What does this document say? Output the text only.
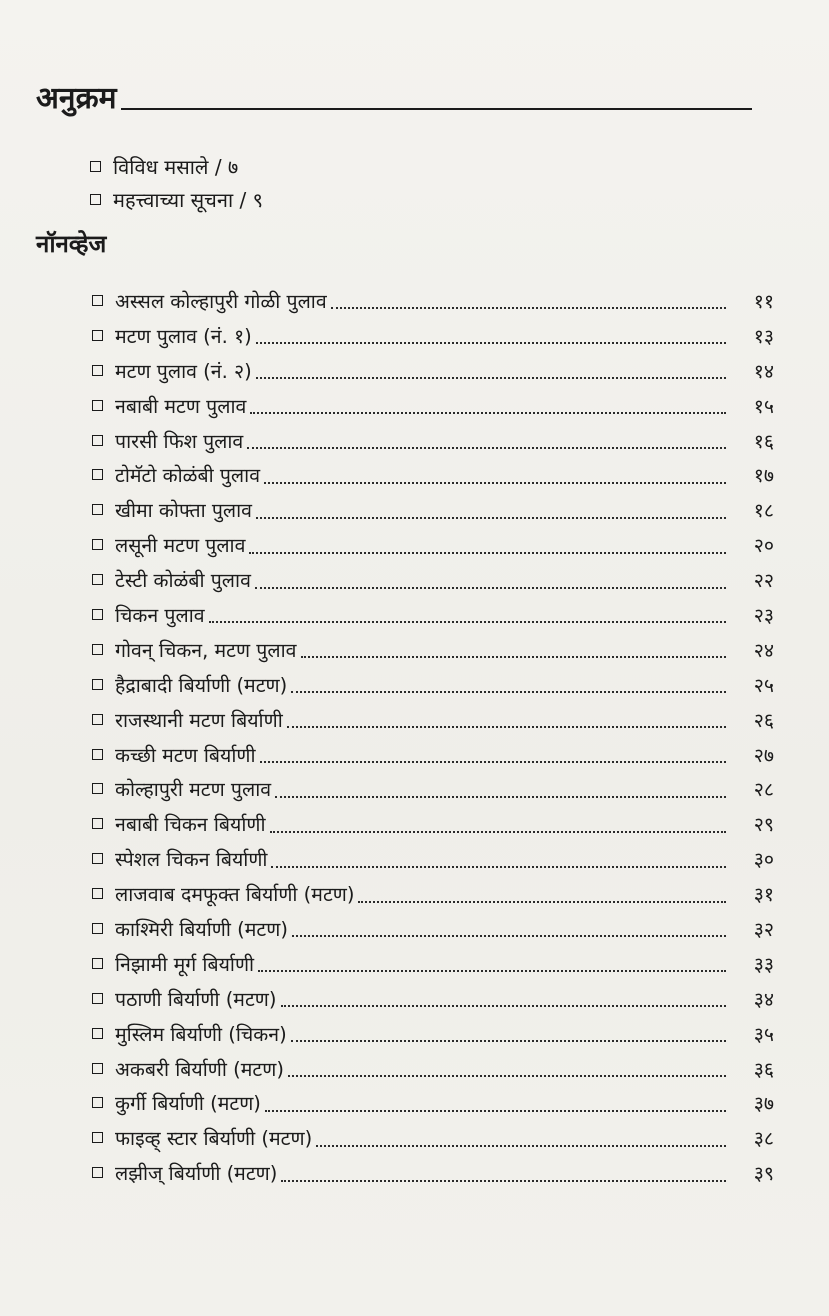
अनुक्रम
विविध मसाले / ७
महत्त्वाच्या सूचना / ९
नॉनव्हेज
अस्सल कोल्हापुरी गोळी पुलाव	११
मटण पुलाव (नं. १)	१३
मटण पुलाव (नं. २)	१४
नबाबी मटण पुलाव	१५
पारसी फिश पुलाव	१६
टोमॅटो कोळंबी पुलाव	१७
खीमा कोफ्ता पुलाव	१८
लसूनी मटण पुलाव	२०
टेस्टी कोळंबी पुलाव	२२
चिकन पुलाव	२३
गोवन् चिकन, मटण पुलाव	२४
हैद्राबादी बिर्याणी (मटण)	२५
राजस्थानी मटण बिर्याणी	२६
कच्छी मटण बिर्याणी	२७
कोल्हापुरी मटण पुलाव	२८
नबाबी चिकन बिर्याणी	२९
स्पेशल चिकन बिर्याणी	३०
लाजवाब दमफूक्त बिर्याणी (मटण)	३१
काश्मिरी बिर्याणी (मटण)	३२
निझामी मूर्ग बिर्याणी	३३
पठाणी बिर्याणी (मटण)	३४
मुस्लिम बिर्याणी (चिकन)	३५
अकबरी बिर्याणी (मटण)	३६
कुर्गी बिर्याणी (मटण)	३७
फाइव्ह् स्टार बिर्याणी (मटण)	३८
लझीज् बिर्याणी (मटण)	३९
